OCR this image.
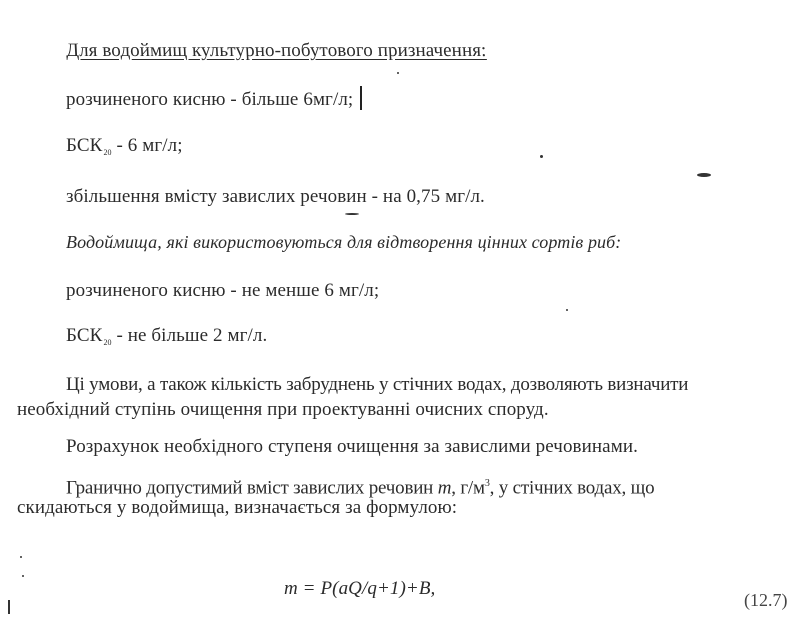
Для водоймищ культурно-побутового призначення:
розчиненого кисню - більше 6мг/л;
$БСК_{20} - 6$ мг/л;
збільшення вмісту завислих речовин - на 0,75 мг/л.
Водоймища, які використовуються для відтворення цінних сортів риб:
розчиненого кисню - не менше 6 мг/л;
$БСК_{20}$ - не більше 2 мг/л.
Ці умови, а також кількість забруднень у стічних водах, дозволяють визначити
необхідний ступінь очищення при проектуванні очисних споруд.
Розрахунок необхідного ступеня очищення за завислими речовинами.
Гранично допустимий вміст завислих речовин m, $г/м^3$, у стічних водах, що
скидаються у водоймища, визначається за формулою:
m = P(aQ/q+1)+B,
(12.7)
